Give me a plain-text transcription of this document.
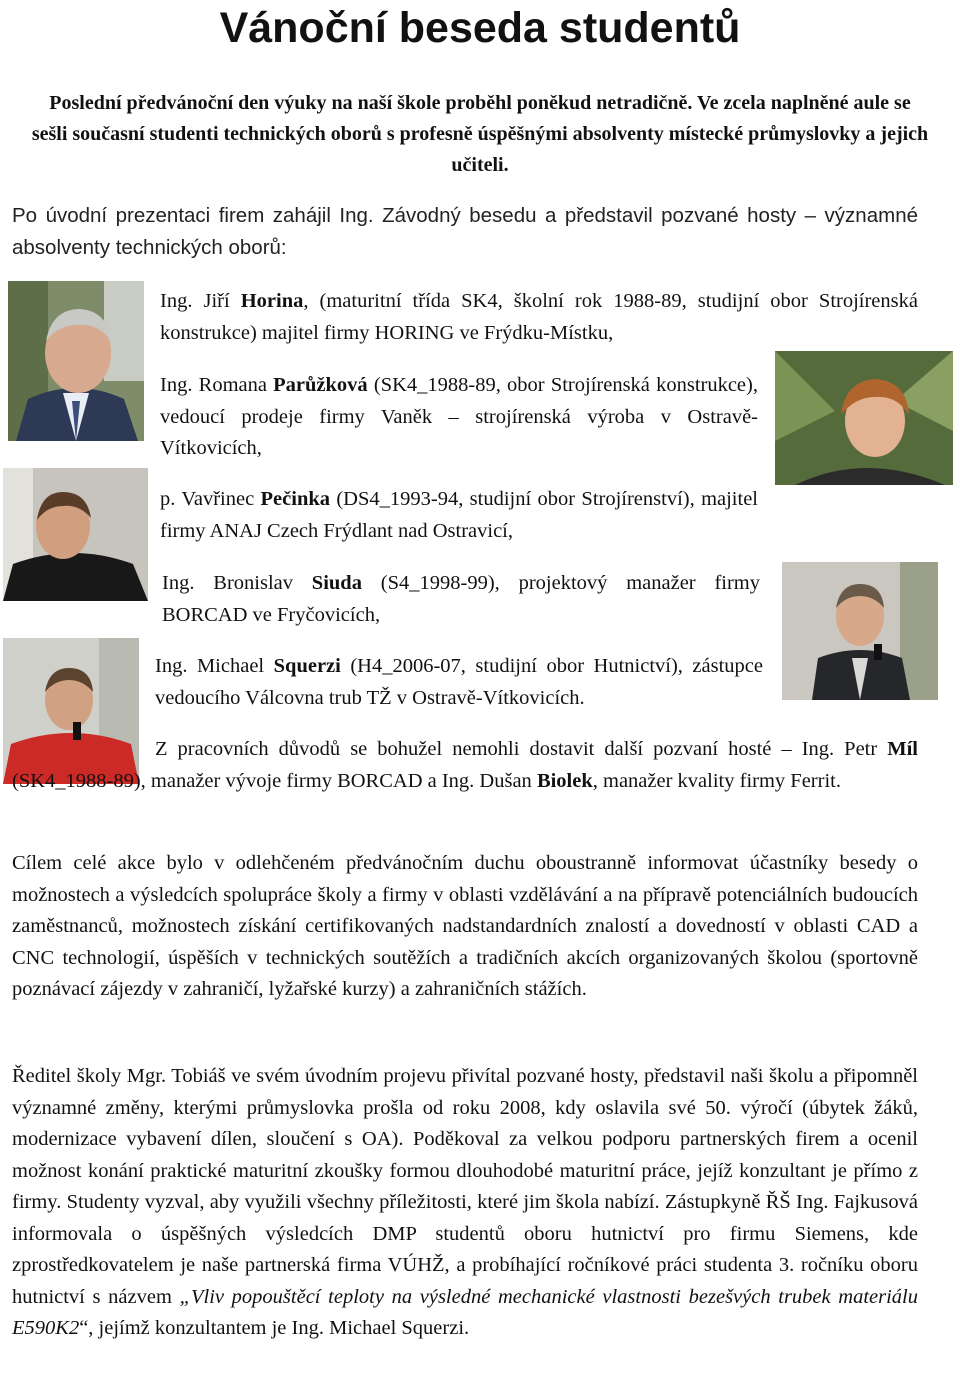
Vánoční beseda studentů

Poslední předvánoční den výuky na naší škole proběhl poněkud netradičně. Ve zcela naplněné aule se sešli současní studenti technických oborů s profesně úspěšnými absolventy místecké průmyslovky a jejich učiteli.

Po úvodní prezentaci firem zahájil Ing. Závodný besedu a představil pozvané hosty – významné absolventy technických oborů:

Ing. Jiří Horina, (maturitní třída SK4, školní rok 1988-89, studijní obor Strojírenská konstrukce) majitel firmy HORING ve Frýdku-Místku,

Ing. Romana Parůžková (SK4_1988-89, obor Strojírenská konstrukce), vedoucí prodeje firmy Vaněk – strojírenská výroba v Ostravě-Vítkovicích,

p. Vavřinec Pečinka (DS4_1993-94, studijní obor Strojírenství), majitel firmy ANAJ Czech Frýdlant nad Ostravicí,

Ing. Bronislav Siuda (S4_1998-99), projektový manažer firmy BORCAD ve Fryčovicích,

Ing. Michael Squerzi (H4_2006-07, studijní obor Hutnictví), zástupce vedoucího Válcovna trub TŽ v Ostravě-Vítkovicích.

Z pracovních důvodů se bohužel nemohli dostavit další pozvaní hosté – Ing. Petr Míl (SK4_1988-89), manažer vývoje firmy BORCAD a Ing. Dušan Biolek, manažer kvality firmy Ferrit.

Cílem celé akce bylo v odlehčeném předvánočním duchu oboustranně informovat účastníky besedy o možnostech a výsledcích spolupráce školy a firmy v oblasti vzdělávání a na přípravě potenciálních budoucích zaměstnanců, možnostech získání certifikovaných nadstandardních znalostí a dovedností v oblasti CAD a CNC technologií, úspěších v technických soutěžích a tradičních akcích organizovaných školou (sportovně poznávací zájezdy v zahraničí, lyžařské kurzy) a zahraničních stážích.

Ředitel školy Mgr. Tobiáš ve svém úvodním projevu přivítal pozvané hosty, představil naši školu a připomněl významné změny, kterými průmyslovka prošla od roku 2008, kdy oslavila své 50. výročí (úbytek žáků, modernizace vybavení dílen, sloučení s OA). Poděkoval za velkou podporu partnerských firem a ocenil možnost konání praktické maturitní zkoušky formou dlouhodobé maturitní práce, jejíž konzultant je přímo z firmy. Studenty vyzval, aby využili všechny příležitosti, které jim škola nabízí. Zástupkyně ŘŠ Ing. Fajkusová informovala o úspěšných výsledcích DMP studentů oboru hutnictví pro firmu Siemens, kde zprostředkovatelem je naše partnerská firma VÚHŽ, a probíhající ročníkové práci studenta 3. ročníku oboru hutnictví s názvem „Vliv popouštěcí teploty na výsledné mechanické vlastnosti bezešvých trubek materiálu E590K2“, jejímž konzultantem je Ing. Michael Squerzi.
